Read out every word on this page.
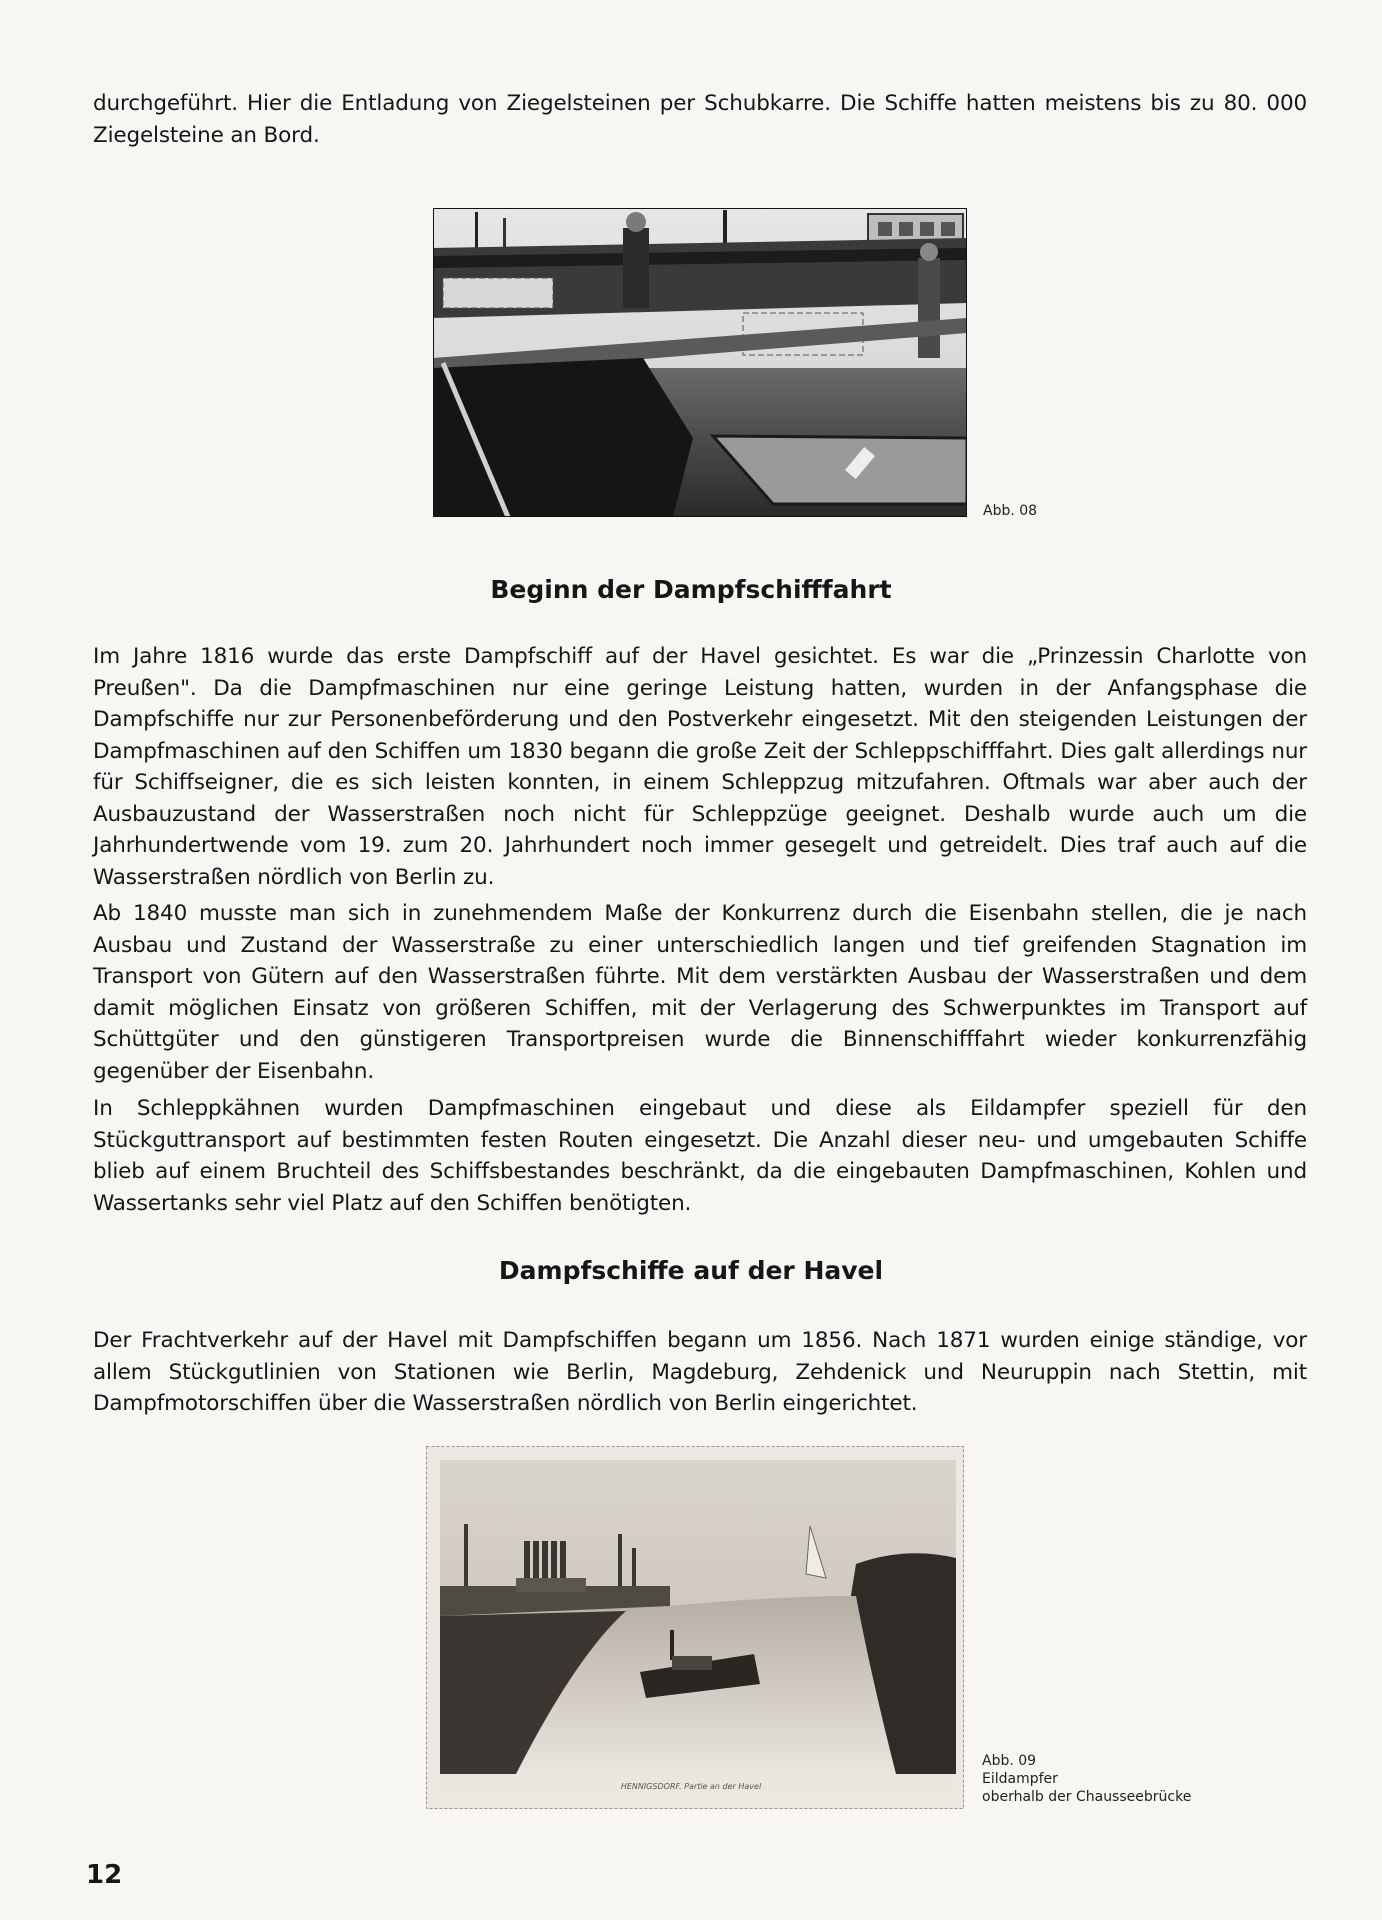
durchgeführt. Hier die Entladung von Ziegelsteinen per Schubkarre. Die Schiffe hatten meistens bis zu 80. 000 Ziegelsteine an Bord.

Abb. 08
Beginn der Dampfschifffahrt

Im Jahre 1816 wurde das erste Dampfschiff auf der Havel gesichtet. Es war die „Prinzessin Charlotte von Preußen". Da die Dampfmaschinen nur eine geringe Leistung hatten, wurden in der Anfangsphase die Dampfschiffe nur zur Personenbeförderung und den Postverkehr eingesetzt. Mit den steigenden Leistungen der Dampfmaschinen auf den Schiffen um 1830 begann die große Zeit der Schleppschifffahrt. Dies galt allerdings nur für Schiffseigner, die es sich leisten konnten, in einem Schleppzug mitzufahren. Oftmals war aber auch der Ausbauzustand der Wasserstraßen noch nicht für Schleppzüge geeignet. Deshalb wurde auch um die Jahrhundertwende vom 19. zum 20. Jahrhundert noch immer gesegelt und getreidelt. Dies traf auch auf die Wasserstraßen nördlich von Berlin zu.

Ab 1840 musste man sich in zunehmendem Maße der Konkurrenz durch die Eisenbahn stellen, die je nach Ausbau und Zustand der Wasserstraße zu einer unterschiedlich langen und tief greifenden Stagnation im Transport von Gütern auf den Wasserstraßen führte. Mit dem verstärkten Ausbau der Wasserstraßen und dem damit möglichen Einsatz von größeren Schiffen, mit der Verlagerung des Schwerpunktes im Transport auf Schüttgüter und den günstigeren Transportpreisen wurde die Binnenschifffahrt wieder konkurrenzfähig gegenüber der Eisenbahn.

In Schleppkähnen wurden Dampfmaschinen eingebaut und diese als Eildampfer speziell für den Stückguttransport auf bestimmten festen Routen eingesetzt. Die Anzahl dieser neu- und umgebauten Schiffe blieb auf einem Bruchteil des Schiffsbestandes beschränkt, da die eingebauten Dampfmaschinen, Kohlen und Wassertanks sehr viel Platz auf den Schiffen benötigten.

Dampfschiffe auf der Havel

Der Frachtverkehr auf der Havel mit Dampfschiffen begann um 1856. Nach 1871 wurden einige ständige, vor allem Stückgutlinien von Stationen wie Berlin, Magdeburg, Zehdenick und Neuruppin nach Stettin, mit Dampfmotorschiffen über die Wasserstraßen nördlich von Berlin eingerichtet.

HENNIGSDORF. Partie an der Havel
Abb. 09
Eildampfer
oberhalb der Chausseebrücke
12
